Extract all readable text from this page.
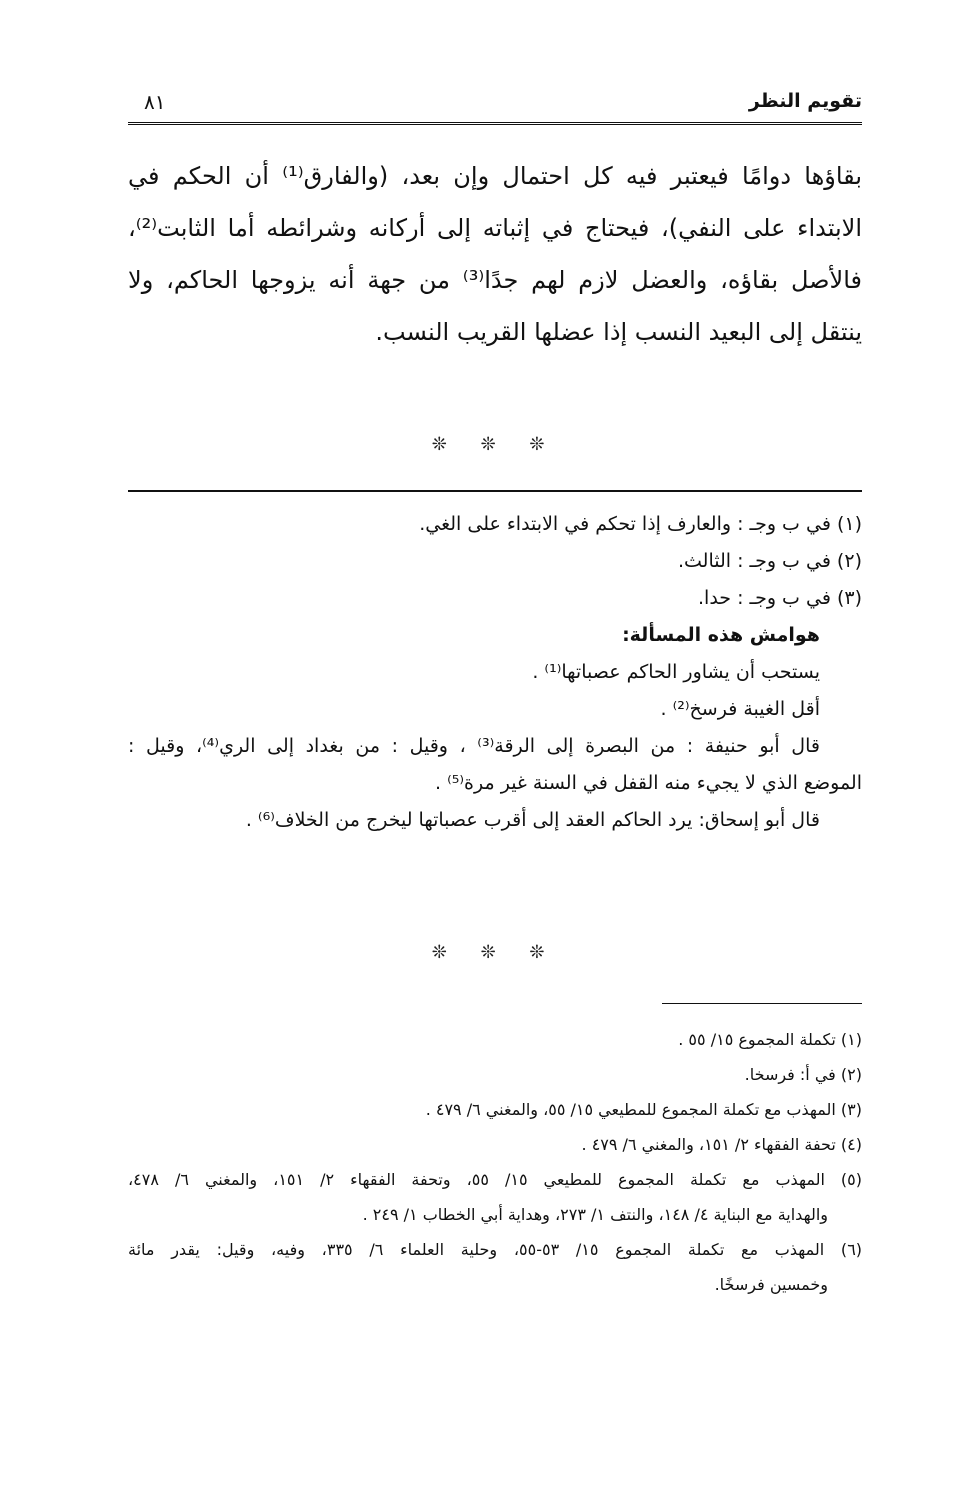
تقويم النظر
٨١

بقاؤها دوامًا فيعتبر فيه كل احتمال وإن بعد، (والفارق⁽¹⁾ أن الحكم في الابتداء على النفي)، فيحتاج في إثباته إلى أركانه وشرائطه أما الثابت⁽²⁾، فالأصل بقاؤه، والعضل لازم لهم جدًا⁽³⁾ من جهة أنه يزوجها الحاكم، ولا ينتقل إلى البعيد النسب إذا عضلها القريب النسب.

❊ ❊ ❊

(١) في ب وجـ : والعارف إذا تحكم في الابتداء على الغي.

(٢) في ب وجـ : الثالث.

(٣) في ب وجـ : حدا.

هوامش هذه المسألة:

يستحب أن يشاور الحاكم عصباتها⁽¹⁾ .

أقل الغيبة فرسخ⁽²⁾ .

قال أبو حنيفة : من البصرة إلى الرقة⁽³⁾ ، وقيل : من بغداد إلى الري⁽⁴⁾، وقيل :

الموضع الذي لا يجيء منه القفل في السنة غير مرة⁽⁵⁾ .

قال أبو إسحاق: يرد الحاكم العقد إلى أقرب عصباتها ليخرج من الخلاف⁽⁶⁾ .

❊ ❊ ❊

(١) تكملة المجموع ١٥/ ٥٥ .

(٢) في أ: فرسخا.

(٣) المهذب مع تكملة المجموع للمطيعي ١٥/ ٥٥، والمغني ٦/ ٤٧٩ .

(٤) تحفة الفقهاء ٢/ ١٥١، والمغني ٦/ ٤٧٩ .

(٥) المهذب مع تكملة المجموع للمطيعي ١٥/ ٥٥، وتحفة الفقهاء ٢/ ١٥١، والمغني ٦/ ٤٧٨،

والهداية مع البناية ٤/ ١٤٨، والنتف ١/ ٢٧٣، وهداية أبي الخطاب ١/ ٢٤٩ .

(٦) المهذب مع تكملة المجموع ١٥/ ٥٣-٥٥، وحلية العلماء ٦/ ٣٣٥، وفيه، وقيل: يقدر مائة

وخمسين فرسخًا.
